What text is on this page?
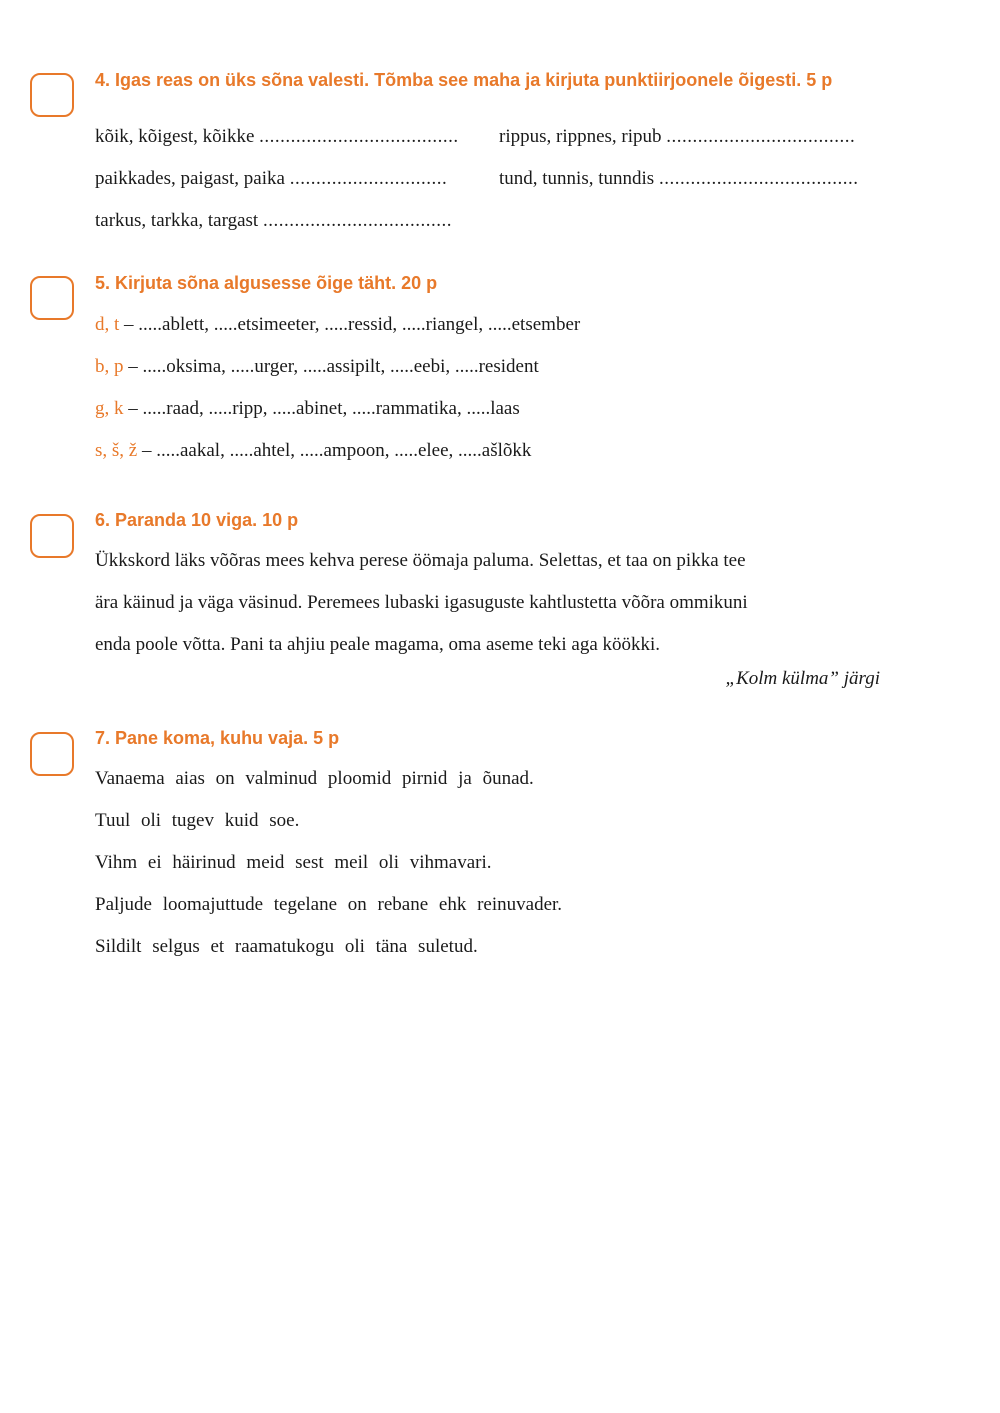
4. Igas reas on üks sõna valesti. Tõmba see maha ja kirjuta punktiirjoonele õigesti. 5 p
kõik, kõigest, kõikke ......................................
paikkades, paigast, paika ..............................
tarkus, tarkka, targast ....................................
rippus, rippnes, ripub ....................................
tund, tunnis, tunndis ......................................
5. Kirjuta sõna algusesse õige täht. 20 p
d, t – .....ablett, .....etsimeeter, .....ressid, .....riangel, .....etsember
b, p – .....oksima, .....urger, .....assipilt, .....eebi, .....resident
g, k – .....raad, .....ripp, .....abinet, .....rammatika, .....laas
s, š, ž – .....aakal, .....ahtel, .....ampoon, .....elee, .....ašlõkk
6. Paranda 10 viga. 10 p
Ükkskord läks võõras mees kehva perese öömaja paluma. Selettas, et taa on pikka tee
ära käinud ja väga väsinud. Peremees lubaski igasuguste kahtlustetta võõra ommikuni
enda poole võtta. Pani ta ahjiu peale magama, oma aseme teki aga köökki.
„Kolm külma” järgi
7. Pane koma, kuhu vaja. 5 p
Vanaema aias on valminud ploomid pirnid ja õunad.
Tuul oli tugev kuid soe.
Vihm ei häirinud meid sest meil oli vihmavari.
Paljude loomajuttude tegelane on rebane ehk reinuvader.
Sildilt selgus et raamatukogu oli täna suletud.
